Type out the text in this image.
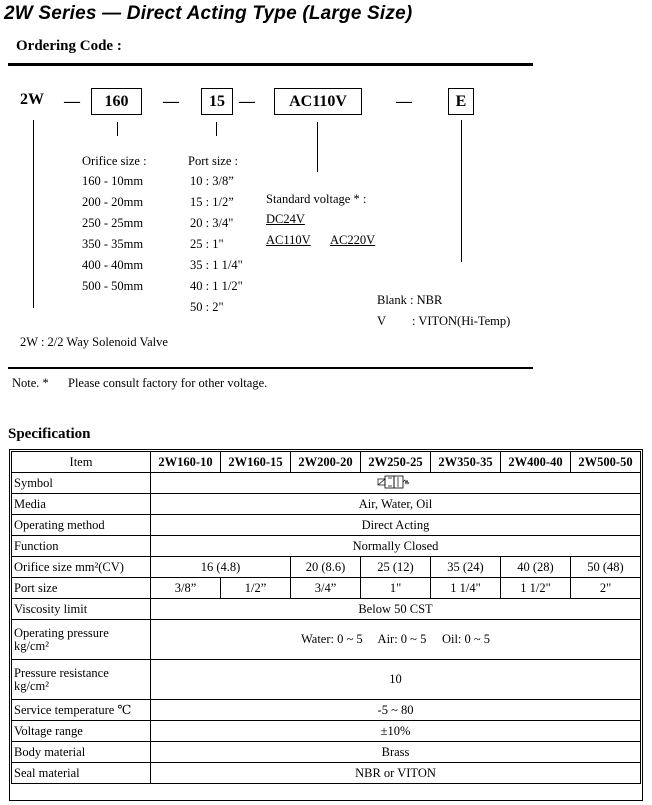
2W Series — Direct Acting Type (Large Size)
Ordering Code :
2W —	160	—	15 —	AC110V	—	E
Orifice size :
160 - 10mm
200 - 20mm
250 - 25mm
350 - 35mm
400 - 40mm
500 - 50mm
Port size :
10 : 3/8”
15 : 1/2”
20 : 3/4"
25 : 1"
35 : 1 1/4"
40 : 1 1/2"
50 : 2"
Standard voltage * :
DC24V
AC110V AC220V
Blank : NBR
V : VITON(Hi-Temp)
2W : 2/2 Way Solenoid Valve
Note. * Please consult factory for other voltage.
Specification
Item	2W160-10	2W160-15	2W200-20	2W250-25	2W350-35	2W400-40	2W500-50
Symbol	
Media	Air, Water, Oil						
Operating method	Direct Acting						
Function	Normally Closed						
Orifice size mm²(CV)	16 (4.8)		20 (8.6)	25 (12)	35 (24)	40 (28)	50 (48)
Port size	3/8”	1/2”	3/4”	1"	1 1/4"	1 1/2"	2"
Viscosity limit	Below 50 CST						

Operating pressure
kg/cm²	Water: 0 ~ 5     Air: 0 ~ 5     Oil: 0 ~ 5						

Pressure resistance
kg/cm²	10						
Service temperature ℃	-5 ~ 80						
Voltage range	±10%						
Body material	Brass						
Seal material	NBR or VITON						
